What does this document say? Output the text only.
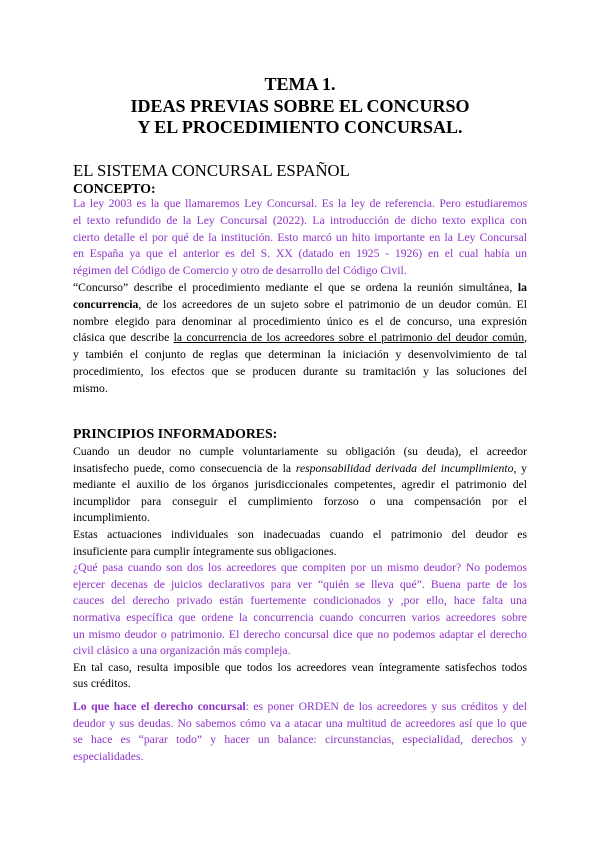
TEMA 1.
IDEAS PREVIAS SOBRE EL CONCURSO
Y EL PROCEDIMIENTO CONCURSAL.
EL SISTEMA CONCURSAL ESPAÑOL
CONCEPTO:
La ley 2003 es la que llamaremos Ley Concursal. Es la ley de referencia. Pero estudiaremos
el texto refundido de la Ley Concursal (2022). La introducción de dicho texto explica con
cierto detalle el por qué de la institución. Esto marcó un hito importante en la Ley Concursal
en España ya que el anterior es del S. XX (datado en 1925 - 1926) en el cual había un
régimen del Código de Comercio y otro de desarrollo del Código Civil.
“Concurso” describe el procedimiento mediante el que se ordena la reunión simultánea, la
concurrencia, de los acreedores de un sujeto sobre el patrimonio de un deudor común. El
nombre elegido para denominar al procedimiento único es el de concurso, una expresión
clásica que describe la concurrencia de los acreedores sobre el patrimonio del deudor común,
y también el conjunto de reglas que determinan la iniciación y desenvolvimiento de tal
procedimiento, los efectos que se producen durante su tramitación y las soluciones del
mismo.
PRINCIPIOS INFORMADORES:
Cuando un deudor no cumple voluntariamente su obligación (su deuda), el acreedor
insatisfecho puede, como consecuencia de la responsabilidad derivada del incumplimiento, y
mediante el auxilio de los órganos jurisdiccionales competentes, agredir el patrimonio del
incumplidor para conseguir el cumplimiento forzoso o una compensación por el
incumplimiento.
Estas actuaciones individuales son inadecuadas cuando el patrimonio del deudor es
insuficiente para cumplir íntegramente sus obligaciones.
¿Qué pasa cuando son dos los acreedores que compiten por un mismo deudor? No podemos
ejercer decenas de juicios declarativos para ver “quién se lleva qué”. Buena parte de los
cauces del derecho privado están fuertemente condicionados y ,por ello, hace falta una
normativa específica que ordene la concurrencia cuando concurren varios acreedores sobre
un mismo deudor o patrimonio. El derecho concursal dice que no podemos adaptar el derecho
civil clásico a una organización más compleja.
En tal caso, resulta imposible que todos los acreedores vean íntegramente satisfechos todos
sus créditos.
Lo que hace el derecho concursal: es poner ORDEN de los acreedores y sus créditos y del
deudor y sus deudas. No sabemos cómo va a atacar una multitud de acreedores así que lo que
se hace es “parar todo” y hacer un balance: circunstancias, especialidad, derechos y
especialidades.
